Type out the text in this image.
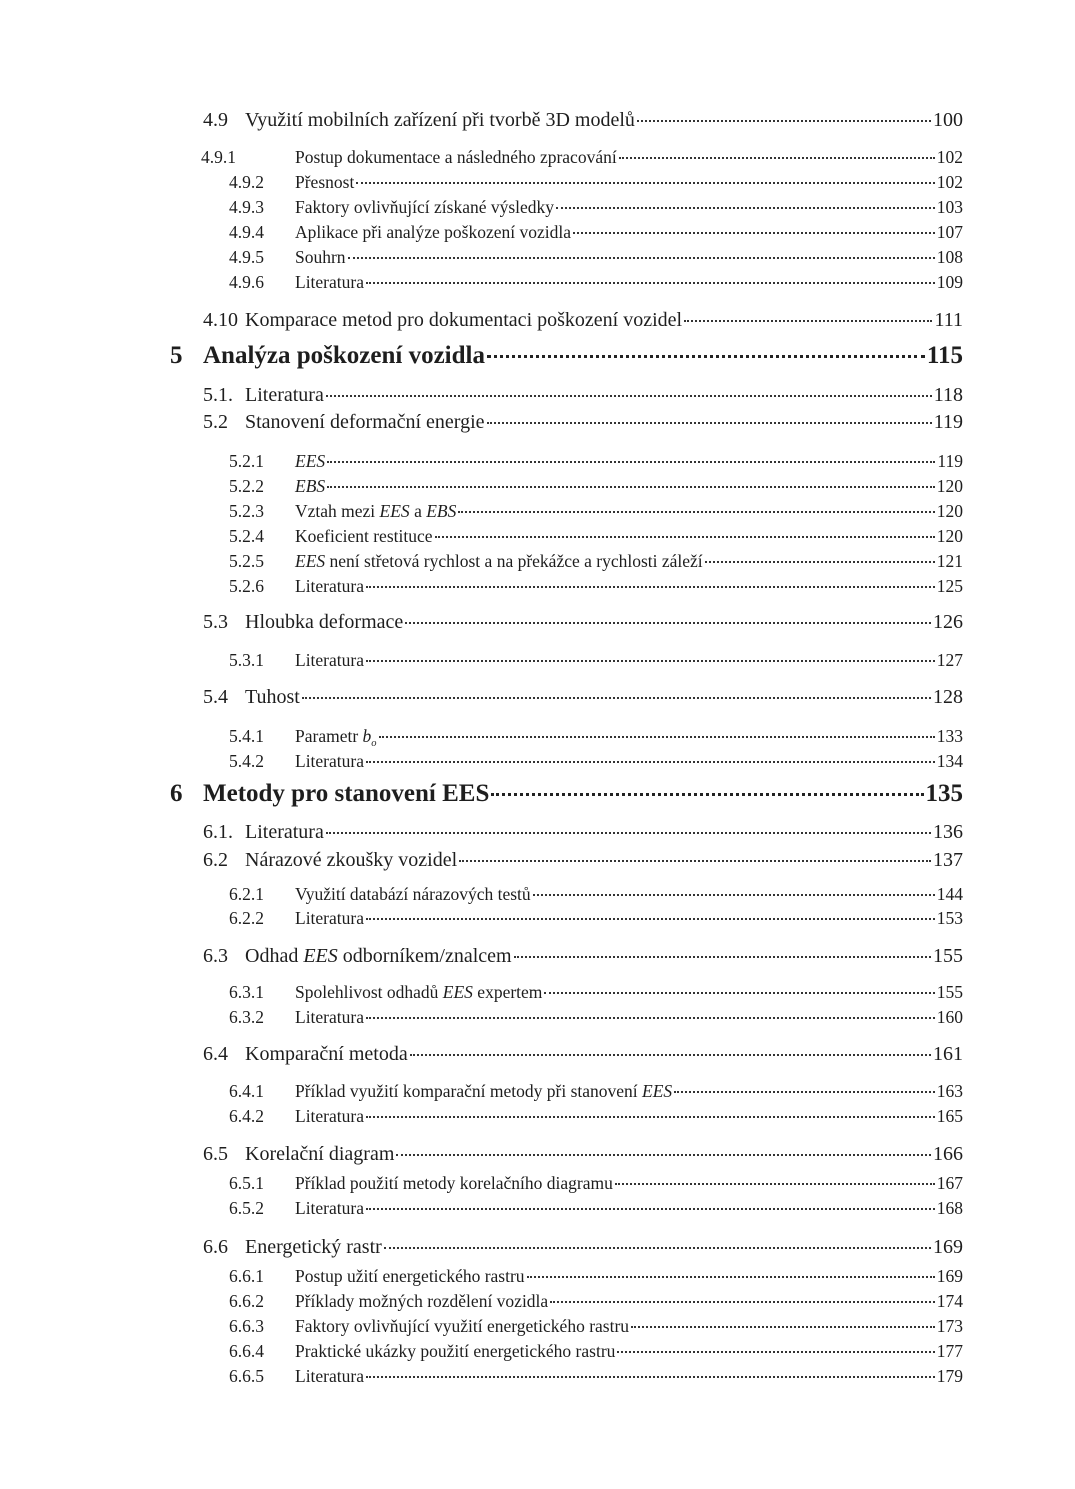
4.9 Využití mobilních zařízení při tvorbě 3D modelů	100
4.9.1	Postup dokumentace a následného zpracování	102
4.9.2	Přesnost	102
4.9.3	Faktory ovlivňující získané výsledky	103
4.9.4	Aplikace při analýze poškození vozidla	107
4.9.5	Souhrn	108
4.9.6	Literatura	109
4.10 Komparace metod pro dokumentaci poškození vozidel	111
5 Analýza poškození vozidla	115
5.1. Literatura	118
5.2 Stanovení deformační energie	119
5.2.1	EES	119
5.2.2	EBS	120
5.2.3	Vztah mezi EES a EBS	120
5.2.4	Koeficient restituce	120
5.2.5	EES není střetová rychlost a na překážce a rychlosti záleží	121
5.2.6	Literatura	125
5.3 Hloubka deformace	126
5.3.1	Literatura	127
5.4 Tuhost	128
5.4.1	Parametr $b_o$	133
5.4.2	Literatura	134
6 Metody pro stanovení EES	135
6.1. Literatura	136
6.2 Nárazové zkoušky vozidel	137
6.2.1	Využití databází nárazových testů	144
6.2.2	Literatura	153
6.3 Odhad EES odborníkem/znalcem	155
6.3.1	Spolehlivost odhadů EES expertem	155
6.3.2	Literatura	160
6.4 Komparační metoda	161
6.4.1	Příklad využití komparační metody při stanovení EES	163
6.4.2	Literatura	165
6.5 Korelační diagram	166
6.5.1	Příklad použití metody korelačního diagramu	167
6.5.2	Literatura	168
6.6 Energetický rastr	169
6.6.1	Postup užití energetického rastru	169
6.6.2	Příklady možných rozdělení vozidla	174
6.6.3	Faktory ovlivňující využití energetického rastru	173
6.6.4	Praktické ukázky použití energetického rastru	177
6.6.5	Literatura	179
